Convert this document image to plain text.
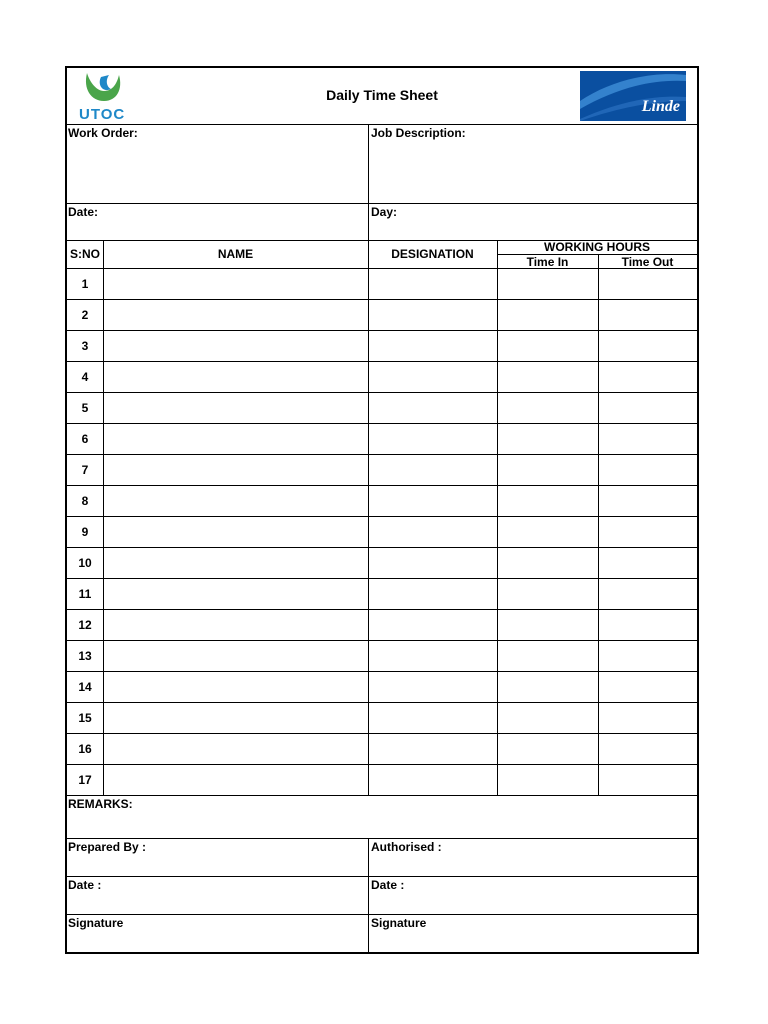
UTOC
Daily Time Sheet
Linde
Work Order:	Job Description:
Date:	Day:
S:NO	NAME	DESIGNATION	WORKING HOURS
Time In	Time Out
1
2
3
4
5
6
7
8
9
10
11
12
13
14
15
16
17
REMARKS:
Prepared By :	Authorised :
Date :	Date :
Signature	Signature
